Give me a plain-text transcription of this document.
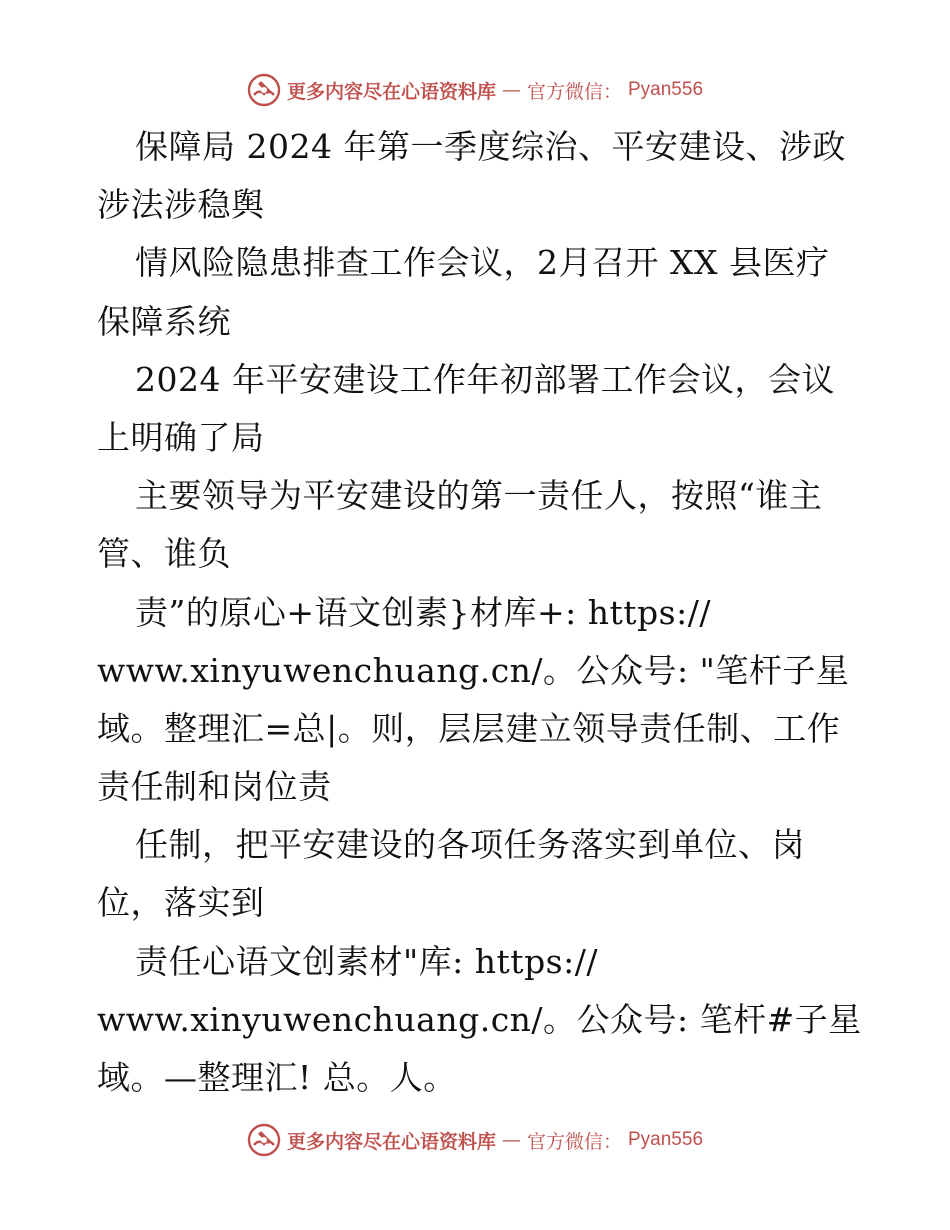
更多内容尽在心语资料库 — 官方微信： Pyan556
保障局 2024 年第一季度综治、平安建设、涉政
涉法涉稳舆
情风险隐患排查工作会议，2月召开 XX 县医疗
保障系统
2024 年平安建设工作年初部署工作会议，会议
上明确了局
主要领导为平安建设的第一责任人，按照“谁主
管、谁负
责”的原心+语文创素}材库+: https://
www.xinyuwenchuang.cn/。公众号: "笔杆子星
域。整理汇=总|。则，层层建立领导责任制、工作
责任制和岗位责
任制，把平安建设的各项任务落实到单位、岗
位，落实到
责任心语文创素材"库: https://
www.xinyuwenchuang.cn/。公众号: 笔杆#子星
域。—整理汇! 总。人。
更多内容尽在心语资料库 — 官方微信： Pyan556
